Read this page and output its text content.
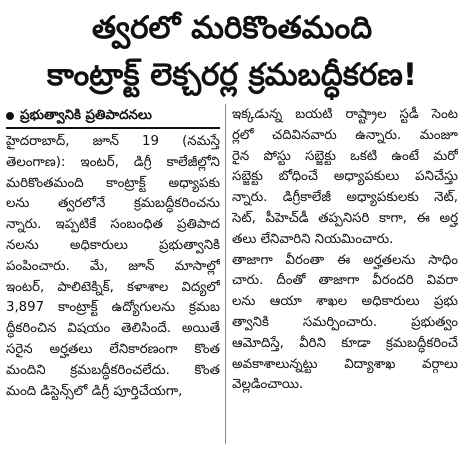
త్వరలో మరికొంతమంది
కాంట్రాక్ట్ లెక్చరర్ల క్రమబద్ధీకరణ!
ప్రభుత్వానికి ప్రతిపాదనలు
హైదరాబాద్, జూన్ 19 (నమస్తే
తెలంగాణ): ఇంటర్, డిగ్రీ కాలేజీల్లోని
మరికొంతమంది కాంట్రాక్ట్ అధ్యాపకు
లను త్వరలోనే క్రమబద్ధీకరించను
న్నారు. ఇప్పటికే సంబంధిత ప్రతిపాద
నలను అధికారులు ప్రభుత్వానికి
పంపించారు. మే, జూన్ మాసాల్లో
ఇంటర్, పాలిటెక్నిక్, కళాశాల విద్యలో
3,897 కాంట్రాక్ట్ ఉద్యోగులను క్రమబ
ద్ధీకరించిన విషయం తెలిసిందే. అయితే
సరైన అర్హతలు లేనికారణంగా కొంత
మందిని క్రమబద్ధీకరించలేదు. కొంత
మంది డిస్టెన్స్‌లో డిగ్రీ పూర్తిచేయగా,
ఇక్కడున్న బయటి రాష్ట్రాల స్టడీ సెంట
ర్లలో చదివినవారు ఉన్నారు. మంజూ
రైన పోస్టు సబ్జెక్టు ఒకటి ఉంటే మరో
సబ్జెక్టు బోధించే అధ్యాపకులు పనిచేస్తు
న్నారు. డిగ్రీకాలేజీ అధ్యాపకులకు నెట్,
సెట్, పీహెచ్‌డీ తప్పనిసరి కాగా, ఈ అర్హ
తలు లేనివారిని నియమించారు.
తాజాగా వీరంతా ఈ అర్హతలను సాధిం
చారు. దీంతో తాజాగా వీరందరి వివరా
లను ఆయా శాఖల అధికారులు ప్రభు
త్వానికి సమర్పించారు. ప్రభుత్వం
ఆమోదిస్తే, వీరిని కూడా క్రమబద్ధీకరించే
అవకాశాలున్నట్టు విద్యాశాఖ వర్గాలు
వెల్లడించాయి.
